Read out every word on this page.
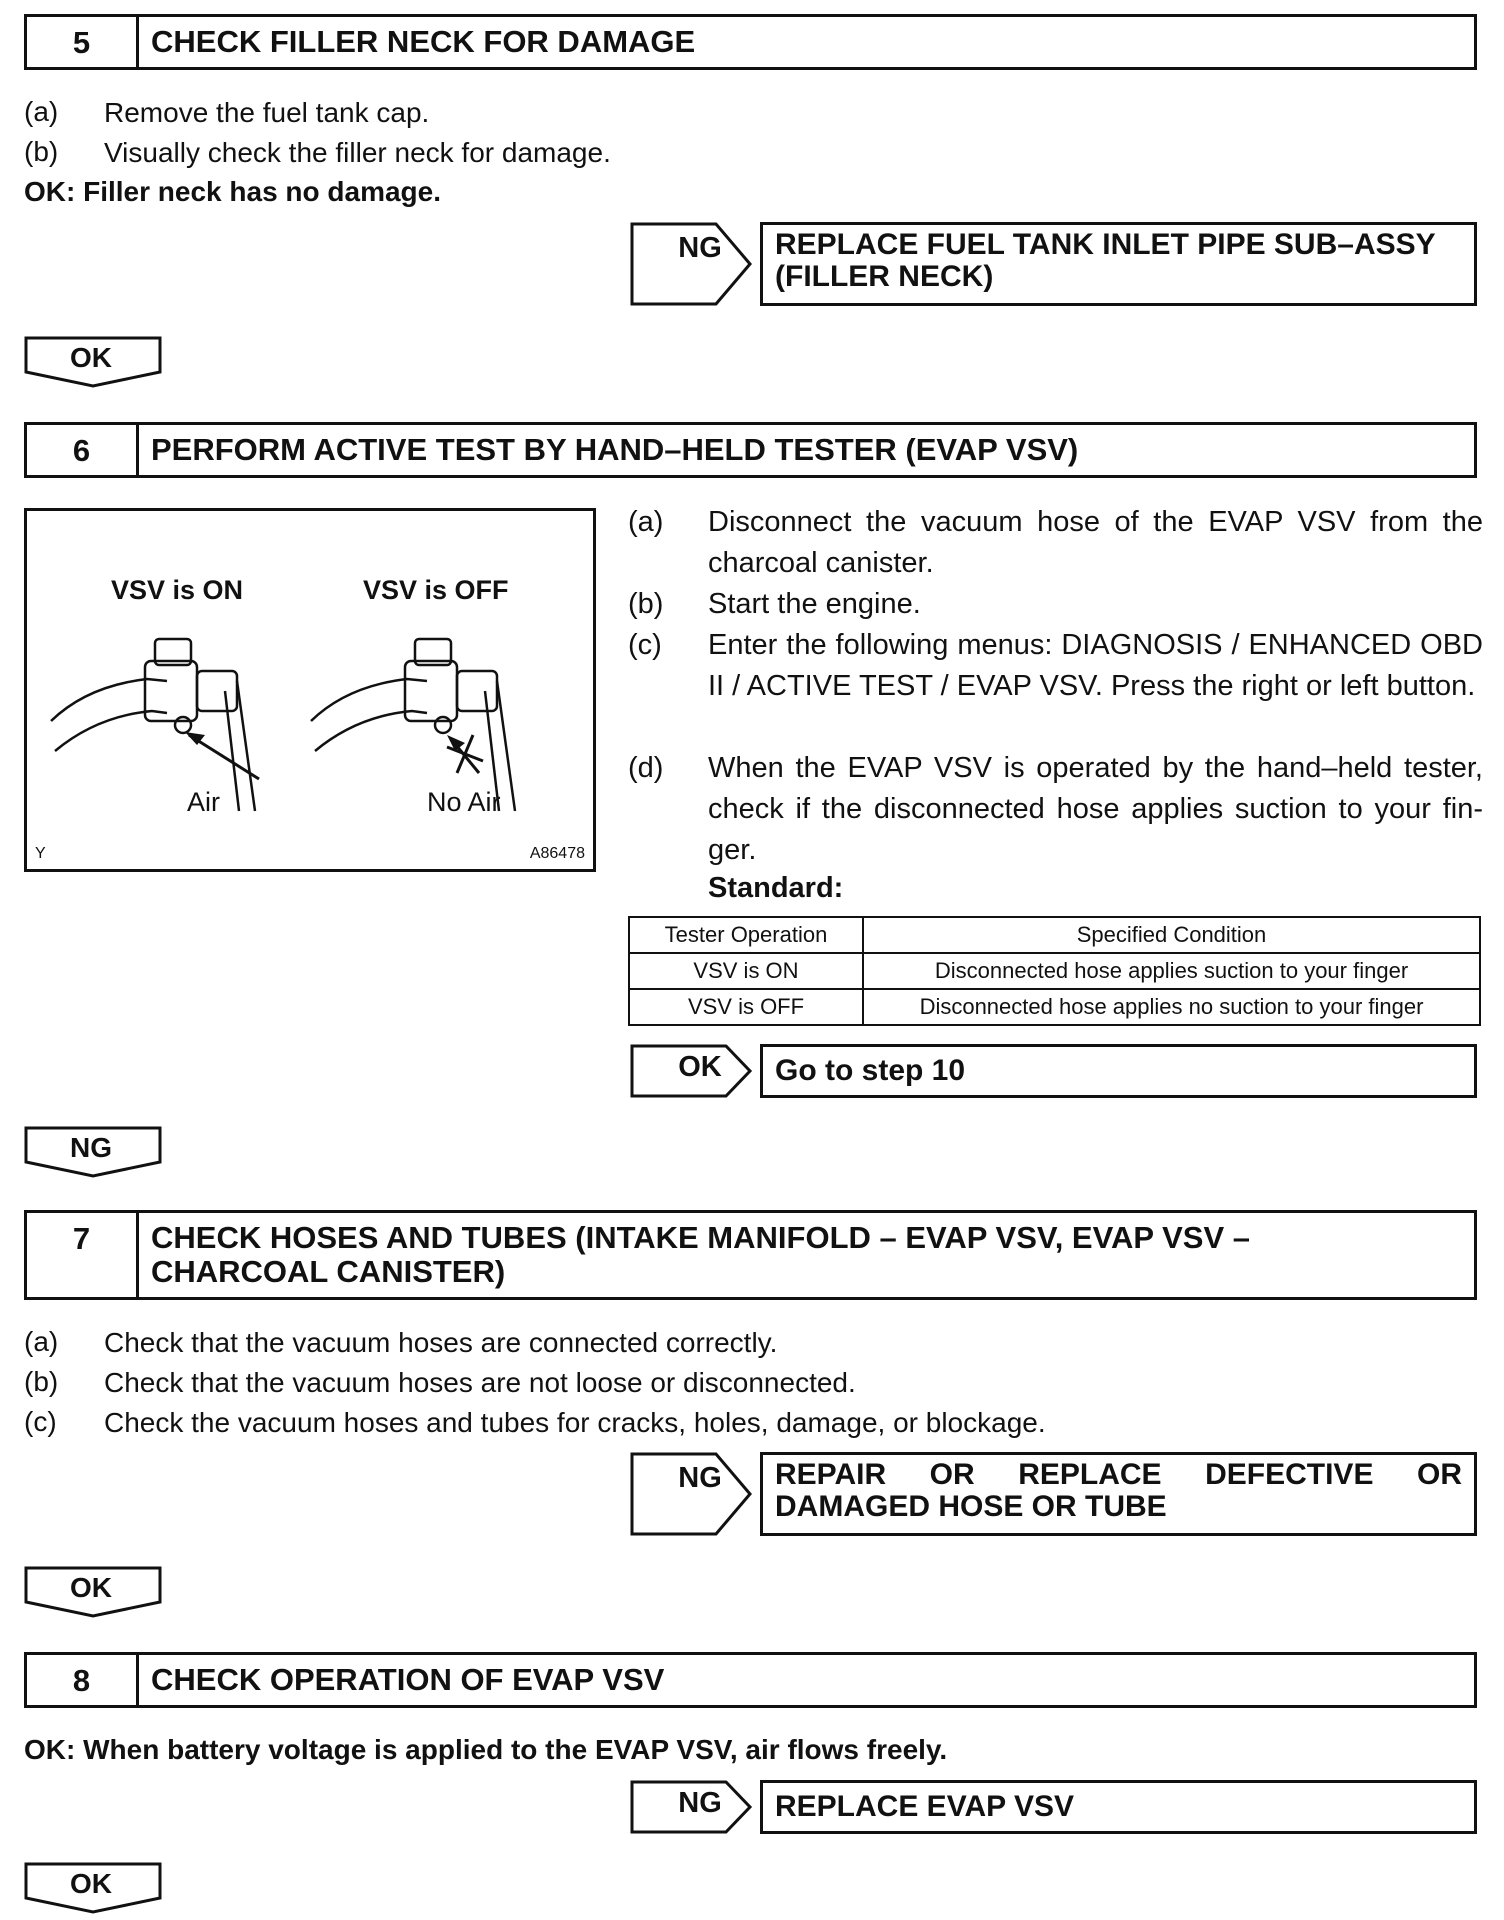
5	CHECK FILLER NECK FOR DAMAGE
(a) Remove the fuel tank cap.
(b) Visually check the filler neck for damage.
OK: Filler neck has no damage.
NG	REPLACE FUEL TANK INLET PIPE SUB–ASSY
(FILLER NECK)
OK
6	PERFORM ACTIVE TEST BY HAND–HELD TESTER (EVAP VSV)
VSV is ON	VSV is OFF
Air	No Air
Y	A86478
(a) Disconnect the vacuum hose of the EVAP VSV from the charcoal canister.
(b) Start the engine.
(c) Enter the following menus: DIAGNOSIS / ENHANCED OBD II / ACTIVE TEST / EVAP VSV. Press the right or left button.
(d) When the EVAP VSV is operated by the hand–held tester, check if the disconnected hose applies suction to your fin-ger.
Standard:
Tester Operation	Specified Condition
VSV is ON	Disconnected hose applies suction to your finger
VSV is OFF	Disconnected hose applies no suction to your finger
OK	Go to step 10
NG
7	CHECK HOSES AND TUBES (INTAKE MANIFOLD – EVAP VSV, EVAP VSV –
CHARCOAL CANISTER)
(a) Check that the vacuum hoses are connected correctly.
(b) Check that the vacuum hoses are not loose or disconnected.
(c) Check the vacuum hoses and tubes for cracks, holes, damage, or blockage.
NG	REPAIR OR REPLACE DEFECTIVE OR
DAMAGED HOSE OR TUBE
OK
8	CHECK OPERATION OF EVAP VSV
OK: When battery voltage is applied to the EVAP VSV, air flows freely.
NG	REPLACE EVAP VSV
OK
